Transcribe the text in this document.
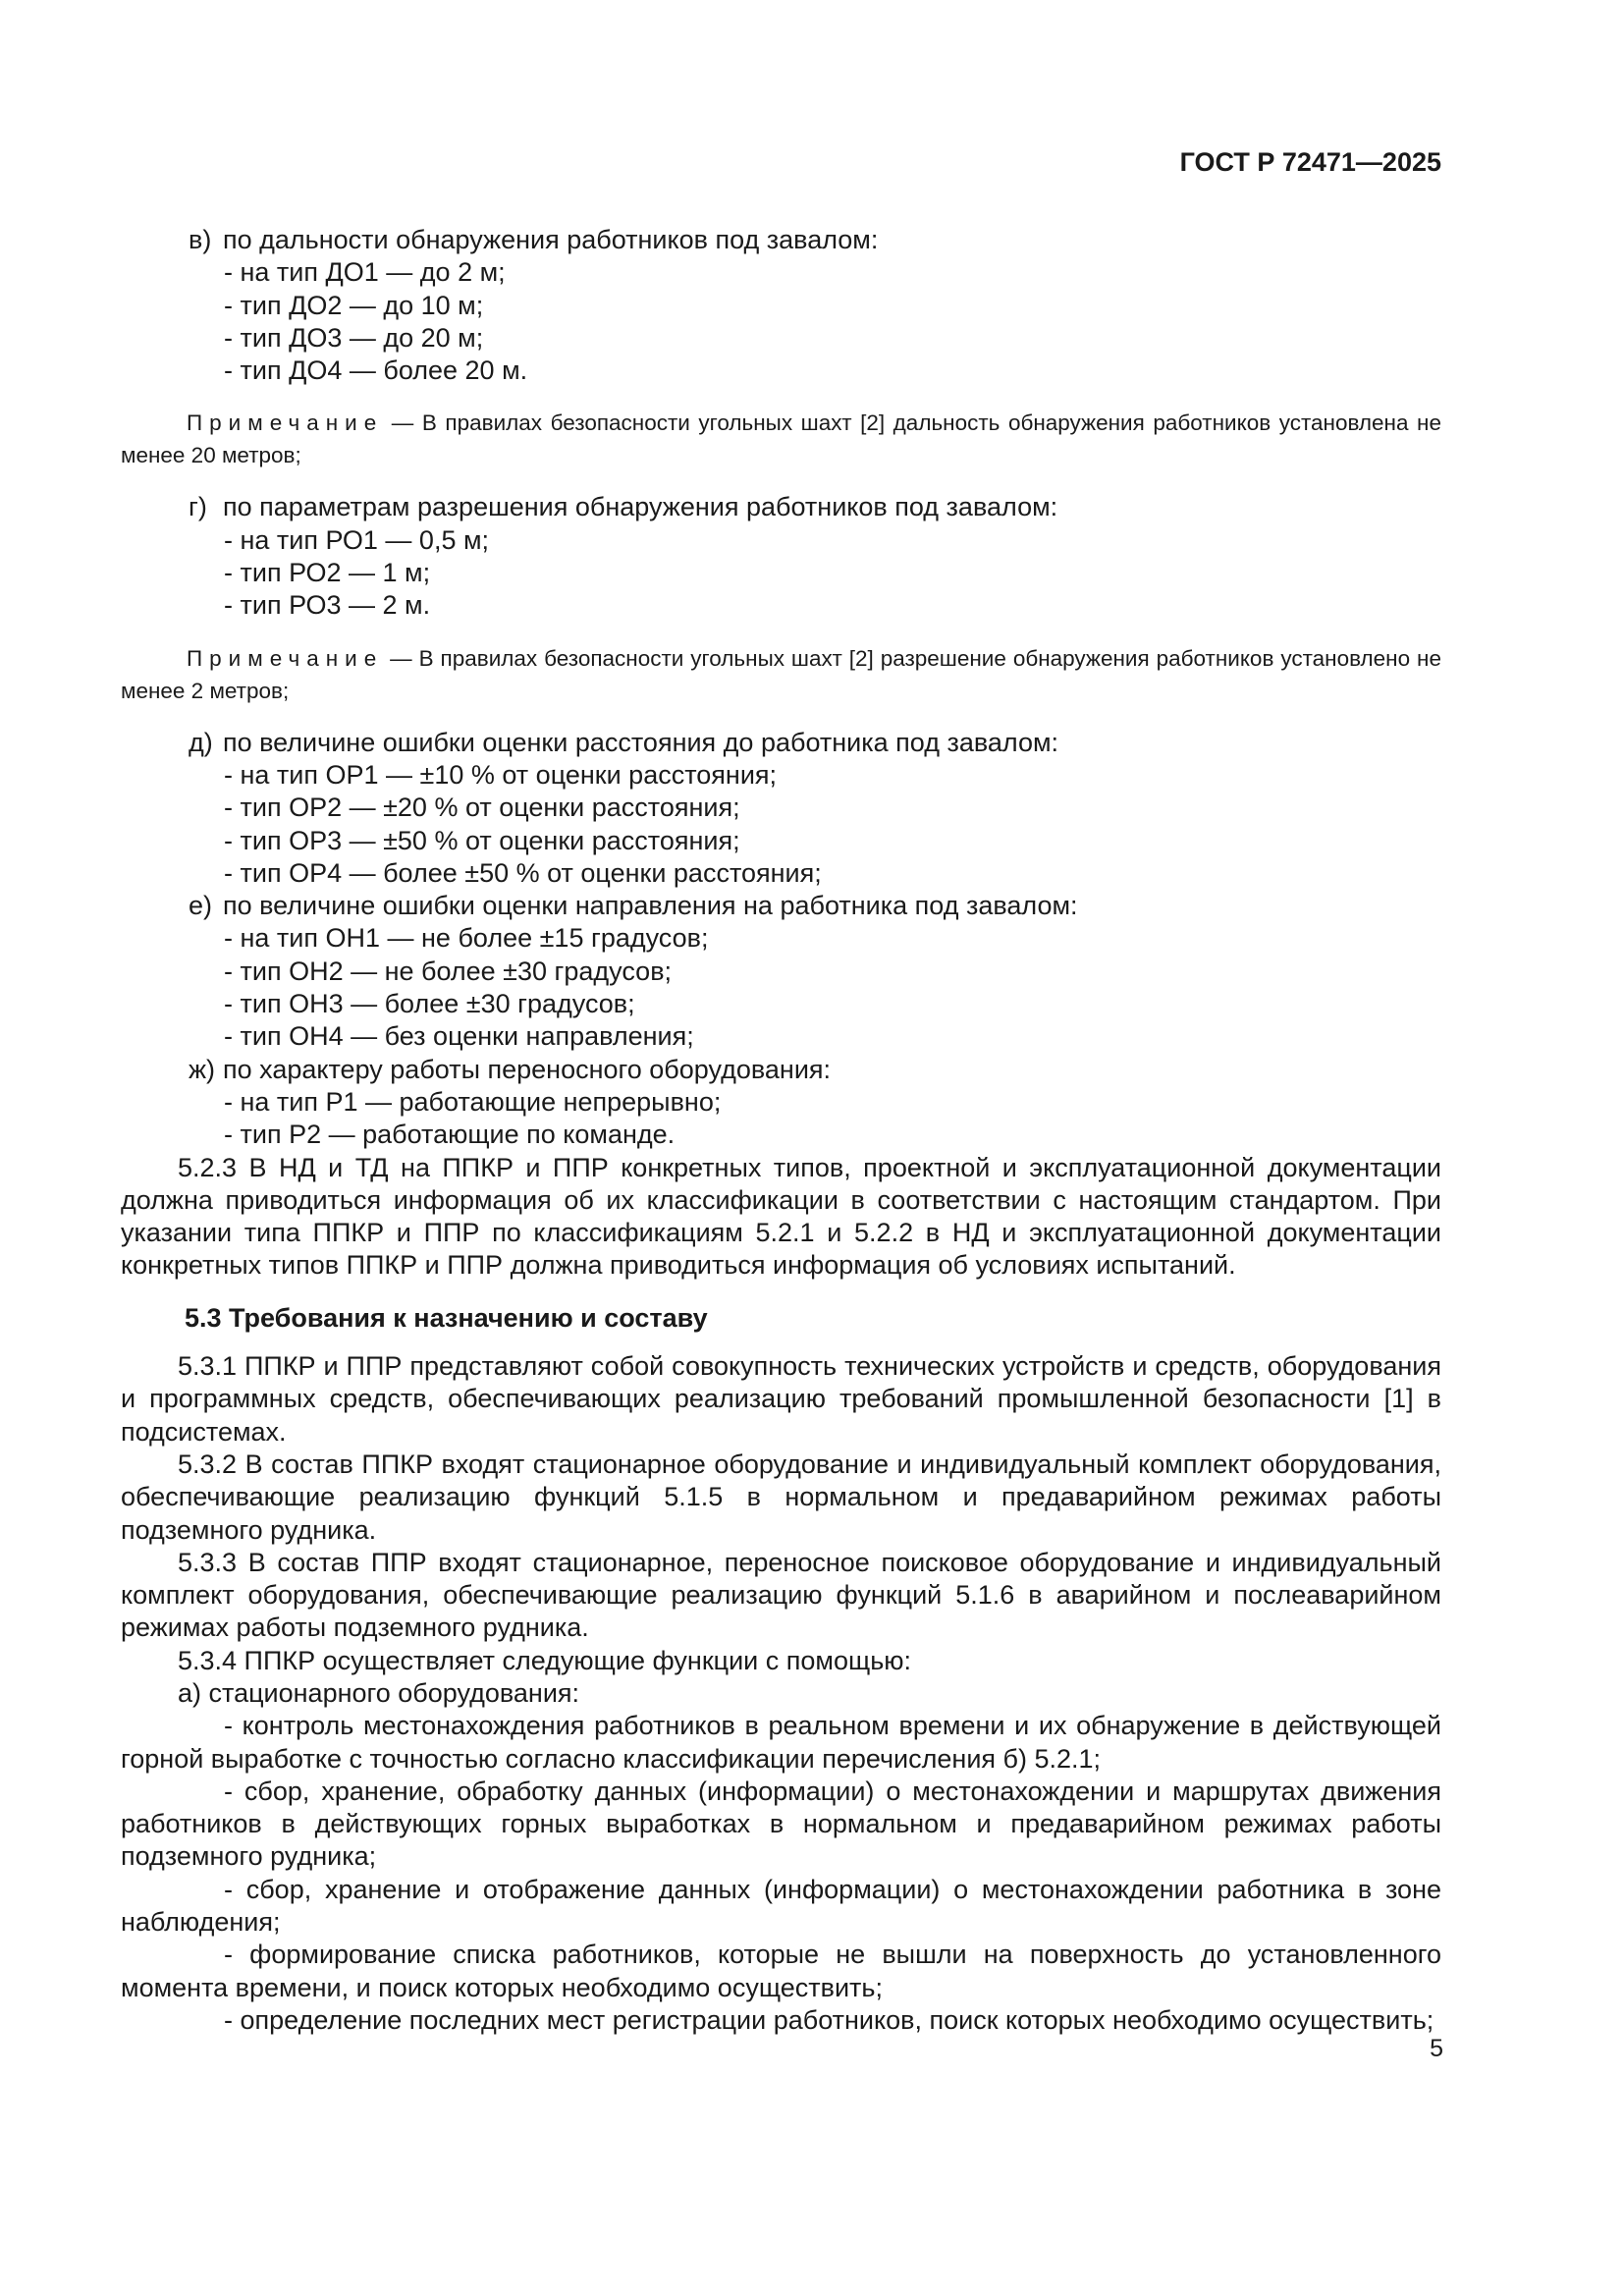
ГОСТ Р 72471—2025

в) по дальности обнаружения работников под завалом:

- на тип ДО1 — до 2 м;

- тип ДО2 — до 10 м;

- тип ДО3 — до 20 м;

- тип ДО4 — более 20 м.

Примечание — В правилах безопасности угольных шахт [2] дальность обнаружения работников установлена не менее 20 метров;

г) по параметрам разрешения обнаружения работников под завалом:

- на тип РО1 — 0,5 м;

- тип РО2 — 1 м;

- тип РО3 — 2 м.

Примечание — В правилах безопасности угольных шахт [2] разрешение обнаружения работников установлено не менее 2 метров;

д) по величине ошибки оценки расстояния до работника под завалом:

- на тип ОР1 — ±10 % от оценки расстояния;

- тип ОР2 — ±20 % от оценки расстояния;

- тип ОР3 — ±50 % от оценки расстояния;

- тип ОР4 — более ±50 % от оценки расстояния;

е) по величине ошибки оценки направления на работника под завалом:

- на тип ОН1 — не более ±15 градусов;

- тип ОН2 — не более ±30 градусов;

- тип ОН3 — более ±30 градусов;

- тип ОН4 — без оценки направления;

ж) по характеру работы переносного оборудования:

- на тип Р1 — работающие непрерывно;

- тип Р2 — работающие по команде.

5.2.3 В НД и ТД на ППКР и ППР конкретных типов, проектной и эксплуатационной документации должна приводиться информация об их классификации в соответствии с настоящим стандартом. При указании типа ППКР и ППР по классификациям 5.2.1 и 5.2.2 в НД и эксплуатационной документации конкретных типов ППКР и ППР должна приводиться информация об условиях испытаний.

5.3 Требования к назначению и составу

5.3.1 ППКР и ППР представляют собой совокупность технических устройств и средств, оборудования и программных средств, обеспечивающих реализацию требований промышленной безопасности [1] в подсистемах.

5.3.2 В состав ППКР входят стационарное оборудование и индивидуальный комплект оборудования, обеспечивающие реализацию функций 5.1.5 в нормальном и предаварийном режимах работы подземного рудника.

5.3.3 В состав ППР входят стационарное, переносное поисковое оборудование и индивидуальный комплект оборудования, обеспечивающие реализацию функций 5.1.6 в аварийном и послеаварийном режимах работы подземного рудника.

5.3.4 ППКР осуществляет следующие функции с помощью:

а) стационарного оборудования:

- контроль местонахождения работников в реальном времени и их обнаружение в действующей горной выработке с точностью согласно классификации перечисления б) 5.2.1;

- сбор, хранение, обработку данных (информации) о местонахождении и маршрутах движения работников в действующих горных выработках в нормальном и предаварийном режимах работы подземного рудника;

- сбор, хранение и отображение данных (информации) о местонахождении работника в зоне наблюдения;

- формирование списка работников, которые не вышли на поверхность до установленного момента времени, и поиск которых необходимо осуществить;

- определение последних мест регистрации работников, поиск которых необходимо осуществить;

5
